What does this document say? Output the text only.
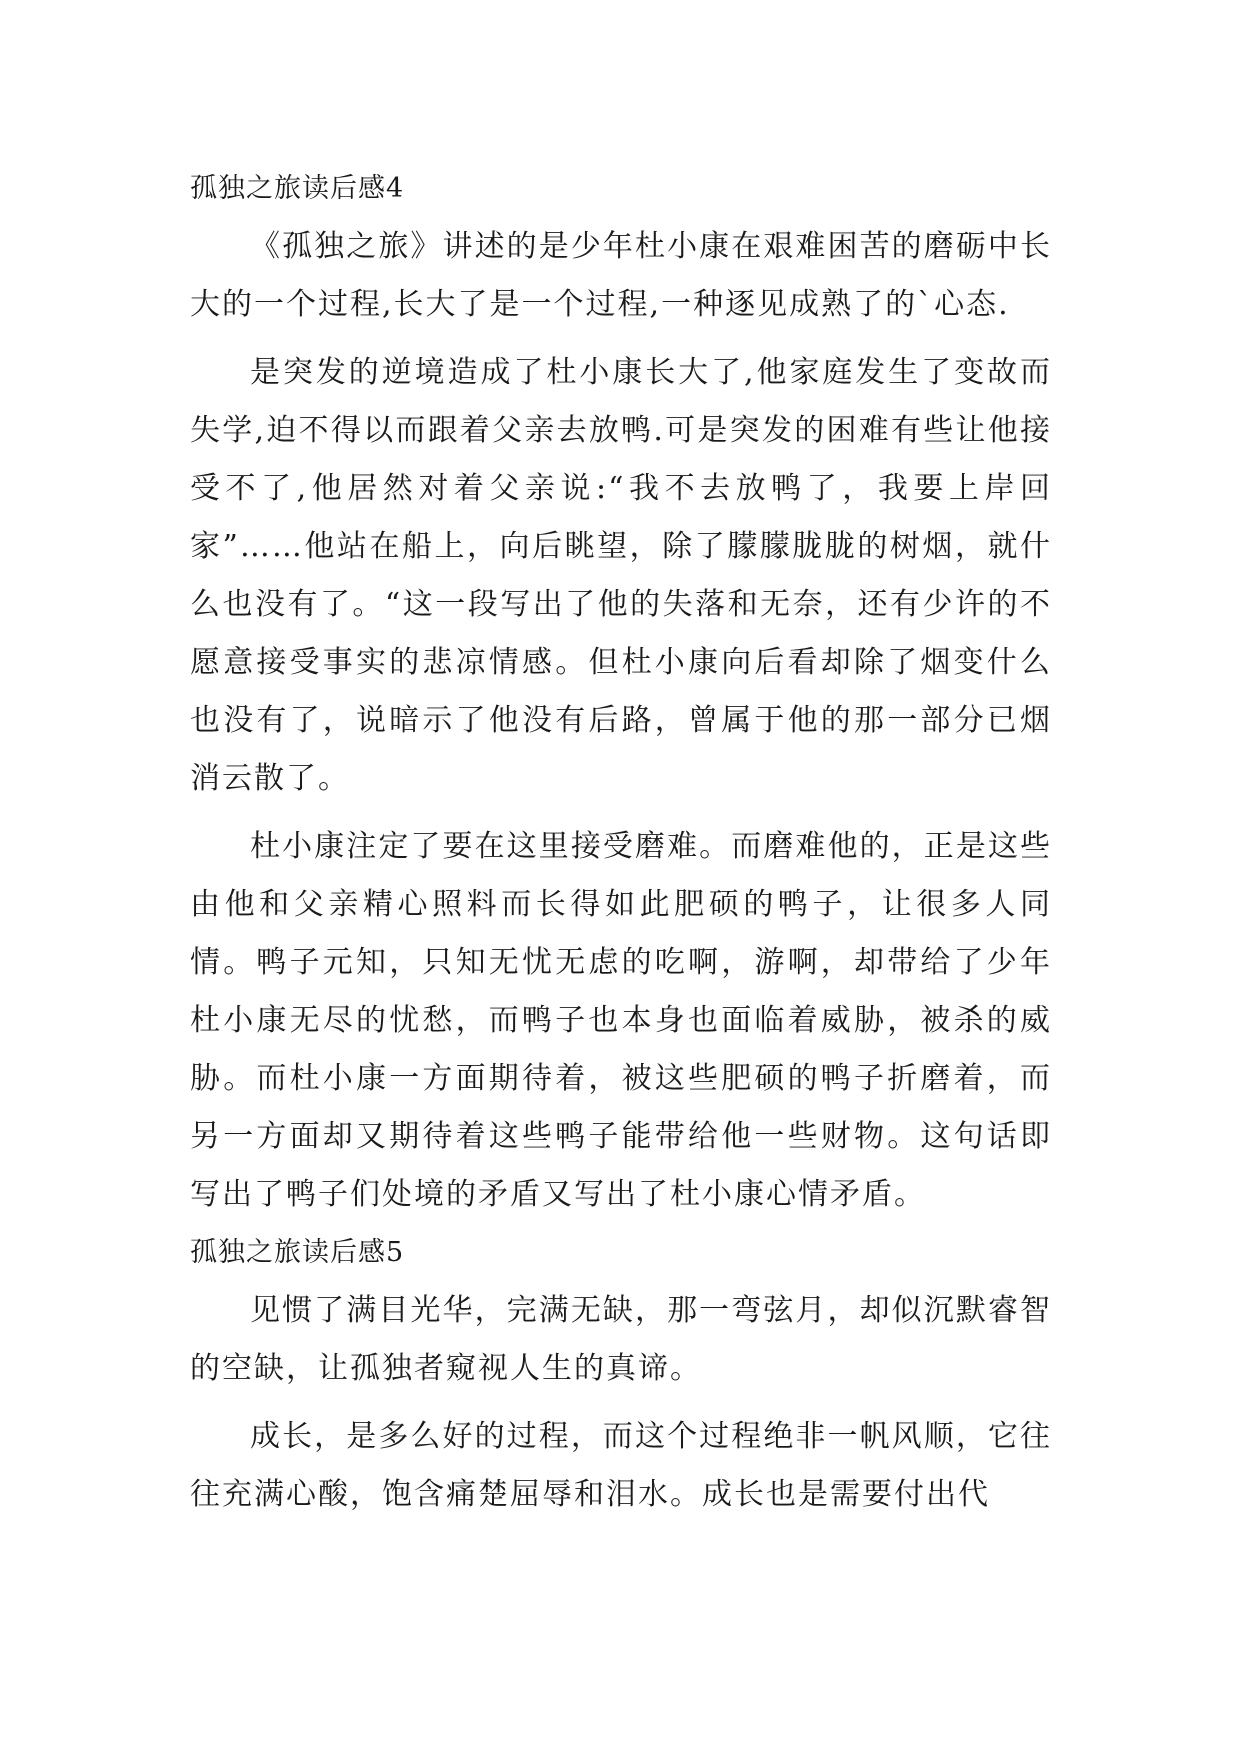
孤独之旅读后感4

《孤独之旅》讲述的是少年杜小康在艰难困苦的磨砺中长大的一个过程,长大了是一个过程,一种逐见成熟了的`心态.

是突发的逆境造成了杜小康长大了,他家庭发生了变故而失学,迫不得以而跟着父亲去放鸭.可是突发的困难有些让他接受不了,他居然对着父亲说:“我不去放鸭了，我要上岸回家”……他站在船上，向后眺望，除了朦朦胧胧的树烟，就什么也没有了。“这一段写出了他的失落和无奈，还有少许的不愿意接受事实的悲凉情感。但杜小康向后看却除了烟变什么也没有了，说暗示了他没有后路，曾属于他的那一部分已烟消云散了。

杜小康注定了要在这里接受磨难。而磨难他的，正是这些由他和父亲精心照料而长得如此肥硕的鸭子，让很多人同情。鸭子元知，只知无忧无虑的吃啊，游啊，却带给了少年杜小康无尽的忧愁，而鸭子也本身也面临着威胁，被杀的威胁。而杜小康一方面期待着，被这些肥硕的鸭子折磨着，而另一方面却又期待着这些鸭子能带给他一些财物。这句话即写出了鸭子们处境的矛盾又写出了杜小康心情矛盾。

孤独之旅读后感5

见惯了满目光华，完满无缺，那一弯弦月，却似沉默睿智的空缺，让孤独者窥视人生的真谛。

成长，是多么好的过程，而这个过程绝非一帆风顺，它往往充满心酸，饱含痛楚屈辱和泪水。成长也是需要付出代
